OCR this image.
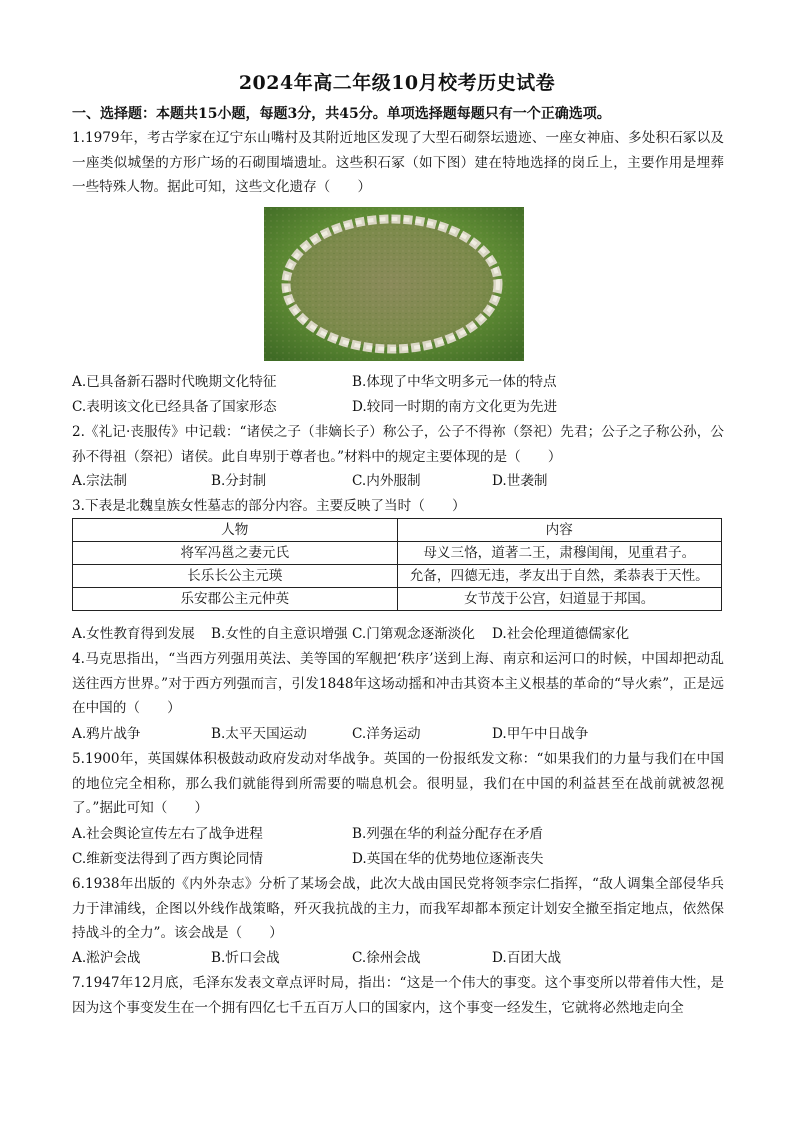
2024年高二年级10月校考历史试卷
一、选择题：本题共15小题，每题3分，共45分。单项选择题每题只有一个正确选项。
1.1979年，考古学家在辽宁东山嘴村及其附近地区发现了大型石砌祭坛遗迹、一座女神庙、多处积石冢以及一座类似城堡的方形广场的石砌围墙遗址。这些积石冢（如下图）建在特地选择的岗丘上，主要作用是埋葬一些特殊人物。据此可知，这些文化遗存（　　）
A.已具备新石器时代晚期文化特征	B.体现了中华文明多元一体的特点
C.表明该文化已经具备了国家形态	D.较同一时期的南方文化更为先进
2.《礼记·丧服传》中记载：“诸侯之子（非嫡长子）称公子，公子不得祢（祭祀）先君；公子之子称公孙，公孙不得祖（祭祀）诸侯。此自卑别于尊者也。”材料中的规定主要体现的是（　　）
A.宗法制	B.分封制	C.内外服制	D.世袭制
3.下表是北魏皇族女性墓志的部分内容。主要反映了当时（　　）
人物	内容
将军冯邕之妻元氏	母义三恪，道著二王，肃穆闺闱，见重君子。
长乐长公主元瑛	允备，四德无违，孝友出于自然，柔恭表于天性。
乐安郡公主元仲英	女节茂于公宫，妇道显于邦国。
A.女性教育得到发展 B.女性的自主意识增强 C.门第观念逐渐淡化 D.社会伦理道德儒家化
4.马克思指出，“当西方列强用英法、美等国的军舰把‘秩序’送到上海、南京和运河口的时候，中国却把动乱送往西方世界。”对于西方列强而言，引发1848年这场动摇和冲击其资本主义根基的革命的“导火索”，正是远在中国的（　　）
A.鸦片战争	B.太平天国运动	C.洋务运动	D.甲午中日战争
5.1900年，英国媒体积极鼓动政府发动对华战争。英国的一份报纸发文称：“如果我们的力量与我们在中国的地位完全相称，那么我们就能得到所需要的喘息机会。很明显，我们在中国的利益甚至在战前就被忽视了。”据此可知（　　）
A.社会舆论宣传左右了战争进程	B.列强在华的利益分配存在矛盾
C.维新变法得到了西方舆论同情	D.英国在华的优势地位逐渐丧失
6.1938年出版的《内外杂志》分析了某场会战，此次大战由国民党将领李宗仁指挥，“敌人调集全部侵华兵力于津浦线，企图以外线作战策略，歼灭我抗战的主力，而我军却都本预定计划安全撤至指定地点，依然保持战斗的全力”。该会战是（　　）
A.淞沪会战	B.忻口会战	C.徐州会战	D.百团大战
7.1947年12月底，毛泽东发表文章点评时局，指出：“这是一个伟大的事变。这个事变所以带着伟大性，是因为这个事变发生在一个拥有四亿七千五百万人口的国家内，这个事变一经发生，它就将必然地走向全
